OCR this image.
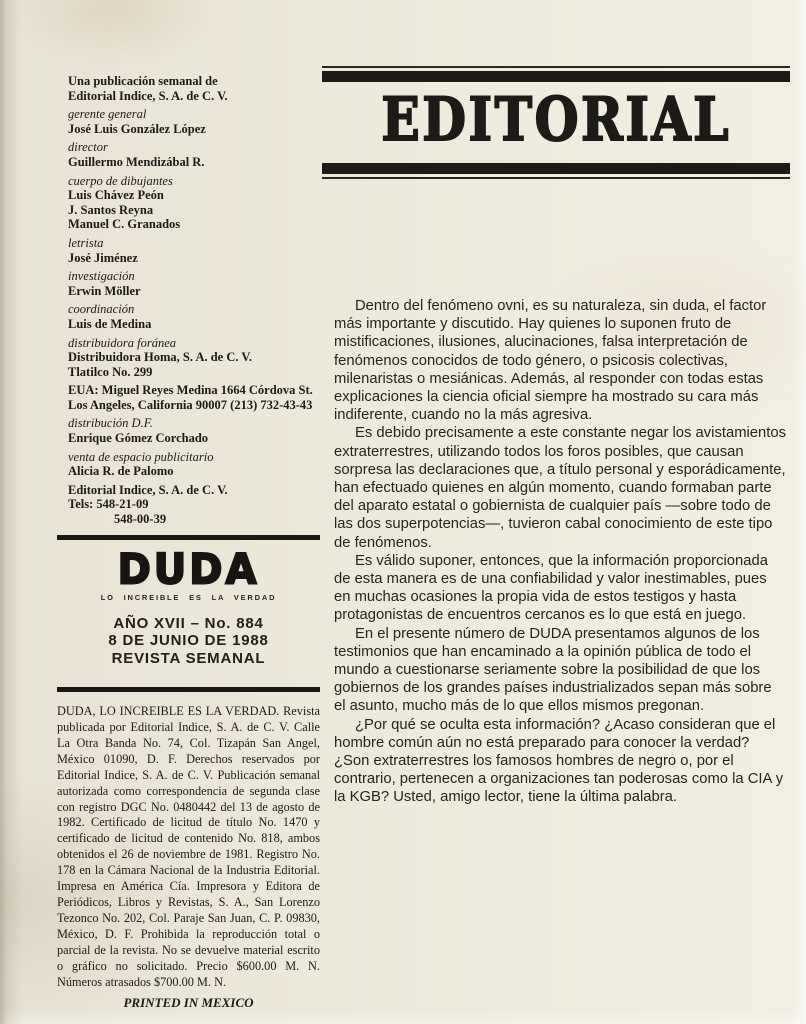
Una publicación semanal de
Editorial Indice, S. A. de C. V.
gerente general
José Luis González López
director
Guillermo Mendizábal R.
cuerpo de dibujantes
Luis Chávez Peón
J. Santos Reyna
Manuel C. Granados
letrista
José Jiménez
investigación
Erwin Möller
coordinación
Luis de Medina
distribuidora foránea
Distribuidora Homa, S. A. de C. V.
Tlatilco No. 299
EUA: Miguel Reyes Medina 1664 Córdova St. Los Angeles, California 90007 (213) 732-43-43
distribución D.F.
Enrique Gómez Corchado
venta de espacio publicitario
Alicia R. de Palomo
Editorial Indice, S. A. de C. V.
Tels: 548-21-09
548-00-39
DUDA
LO INCREIBLE ES LA VERDAD
AÑO XVII – No. 884
8 DE JUNIO DE 1988
REVISTA SEMANAL
DUDA, LO INCREIBLE ES LA VERDAD. Revista publicada por Editorial Indice, S. A. de C. V. Calle La Otra Banda No. 74, Col. Tizapán San Angel, México 01090, D. F. Derechos reservados por Editorial Indice, S. A. de C. V. Publicación semanal autorizada como correspondencia de segunda clase con registro DGC No. 0480442 del 13 de agosto de 1982. Certificado de licitud de título No. 1470 y certificado de licitud de contenido No. 818, ambos obtenidos el 26 de noviembre de 1981. Registro No. 178 en la Cámara Nacional de la Industria Editorial. Impresa en América Cía. Impresora y Editora de Periódicos, Libros y Revistas, S. A., San Lorenzo Tezonco No. 202, Col. Paraje San Juan, C. P. 09830, México, D. F. Prohibida la reproducción total o parcial de la revista. No se devuelve material escrito o gráfico no solicitado. Precio $600.00 M. N. Números atrasados $700.00 M. N.
PRINTED IN MEXICO
EDITORIAL

Dentro del fenómeno ovni, es su naturaleza, sin duda, el factor más importante y discutido. Hay quienes lo suponen fruto de mistificaciones, ilusiones, alucinaciones, falsa interpretación de fenómenos conocidos de todo género, o psicosis colectivas, milenaristas o mesiánicas. Además, al responder con todas estas explicaciones la ciencia oficial siempre ha mostrado su cara más indiferente, cuando no la más agresiva.

Es debido precisamente a este constante negar los avistamientos extraterrestres, utilizando todos los foros posibles, que causan sorpresa las declaraciones que, a título personal y esporádicamente, han efectuado quienes en algún momento, cuando formaban parte del aparato estatal o gobiernista de cualquier país —sobre todo de las dos superpotencias—, tuvieron cabal conocimiento de este tipo de fenómenos.

Es válido suponer, entonces, que la información proporcionada de esta manera es de una confiabilidad y valor inestimables, pues en muchas ocasiones la propia vida de estos testigos y hasta protagonistas de encuentros cercanos es lo que está en juego.

En el presente número de DUDA presentamos algunos de los testimonios que han encaminado a la opinión pública de todo el mundo a cuestionarse seriamente sobre la posibilidad de que los gobiernos de los grandes países industrializados sepan más sobre el asunto, mucho más de lo que ellos mismos pregonan.

¿Por qué se oculta esta información? ¿Acaso consideran que el hombre común aún no está preparado para conocer la verdad? ¿Son extraterrestres los famosos hombres de negro o, por el contrario, pertenecen a organizaciones tan poderosas como la CIA y la KGB? Usted, amigo lector, tiene la última palabra.
